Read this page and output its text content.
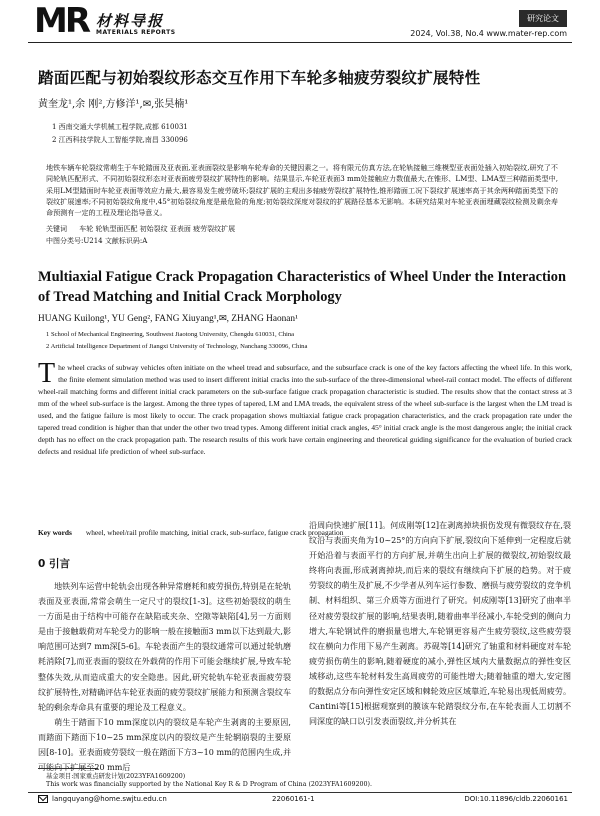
MR 材料导报
MATERIALS REPORTS
研究论文
2024, Vol.38, No.4 www.mater-rep.com
踏面匹配与初始裂纹形态交互作用下车轮多轴疲劳裂纹扩展特性
黄奎龙¹,余 刚²,方修洋¹,✉,张昊楠¹
1 西南交通大学机械工程学院,成都 610031
2 江西科技学院人工智能学院,南昌 330096
地铁车辆车轮裂纹常萌生于车轮踏面及亚表面,亚表面裂纹是影响车轮寿命的关键因素之一。将有限元仿真方法,在轮轨接触三维模型亚表面处插入初始裂纹,研究了不同轮轨匹配形式、不同初始裂纹形态对亚表面疲劳裂纹扩展特性的影响。结果显示,车轮亚表面3 mm处接触应力数值最大,在锥形、LM型、LMA型三种踏面类型中,采用LM型踏面时车轮亚表面等效应力最大,最容易发生疲劳破坏;裂纹扩展的主观出多轴疲劳裂纹扩展特性,锥形踏面工况下裂纹扩展速率高于其余两种踏面类型下的裂纹扩展速率;不同初始裂纹角度中,45°初始裂纹角度是最危险的角度;初始裂纹深度对裂纹的扩展路径基本无影响。本研究结果对车轮亚表面埋藏裂纹检测及剩余寿命预测有一定的工程及理论指导意义。
关键词 车轮 轮轨型面匹配 初始裂纹 亚表面 疲劳裂纹扩展
中图分类号:U214 文献标识码:A
Multiaxial Fatigue Crack Propagation Characteristics of Wheel Under the Interaction of Tread Matching and Initial Crack Morphology
HUANG Kuilong¹, YU Geng², FANG Xiuyang¹,✉, ZHANG Haonan¹
1 School of Mechanical Engineering, Southwest Jiaotong University, Chengdu 610031, China
2 Artificial Intelligence Department of Jiangxi University of Technology, Nanchang 330096, China
The wheel cracks of subway vehicles often initiate on the wheel tread and subsurface, and the subsurface crack is one of the key factors affecting the wheel life. In this work, the finite element simulation method was used to insert different initial cracks into the sub-surface of the three-dimensional wheel-rail contact model. The effects of different wheel-rail matching forms and different initial crack parameters on the sub-surface fatigue crack propagation characteristic is studied. The results show that the contact stress at 3 mm of the wheel sub-surface is the largest. Among the three types of tapered, LM and LMA treads, the equivalent stress of the wheel sub-surface is the largest when the LM tread is used, and the fatigue failure is most likely to occur. The crack propagation shows multiaxial fatigue crack propagation characteristics, and the crack propagation rate under the tapered tread condition is higher than that under the other two tread types. Among different initial crack angles, 45° initial crack angle is the most dangerous angle; the initial crack depth has no effect on the crack propagation path. The research results of this work have certain engineering and theoretical guiding significance for the evaluation of buried crack defects and residual life prediction of wheel sub-surface.
Key words wheel, wheel/rail profile matching, initial crack, sub-surface, fatigue crack propagation
0 引言

地铁列车运营中轮轨会出现各种异常磨耗和疲劳损伤,特别是在轮轨表面及亚表面,常常会萌生一定尺寸的裂纹[1-3]。这些初始裂纹的萌生一方面是由于结构中可能存在缺陷或夹杂、空隙等缺陷[4],另一方面则是由于接触载荷对车轮受力的影响一般在接触面3 mm以下达到最大,影响范围可达到7 mm深[5-6]。车轮表面产生的裂纹通常可以通过轮轨磨耗消除[7],而亚表面的裂纹在外载荷的作用下可能会继续扩展,导致车轮整体失效,从而造成重大的安全隐患。因此,研究轮轨车轮亚表面疲劳裂纹扩展特性,对精确评估车轮亚表面的疲劳裂纹扩展能力和预测含裂纹车轮的剩余寿命具有重要的理论及工程意义。

萌生于踏面下10 mm深度以内的裂纹是车轮产生剥离的主要原因,而踏面下踏面下10~25 mm深度以内的裂纹是产生轮辋崩裂的主要原因[8-10]。亚表面疲劳裂纹一般在踏面下方3~10 mm的范围内生成,并可能向下扩展至20 mm后

沿周向快速扩展[11]。何成刚等[12]在剥离掉块损伤发现有微裂纹存在,裂纹沿与表面夹角为10~25°的方向向下扩展,裂纹向下延伸到一定程度后就开始沿着与表面平行的方向扩展,并萌生出向上扩展的微裂纹,初始裂纹最终将向表面,形成剥离掉块,而后来的裂纹有继续向下扩展的趋势。对于疲劳裂纹的萌生及扩展,不少学者从列车运行参数、磨损与疲劳裂纹的竞争机制、材料组织、第三介质等方面进行了研究。何成刚等[13]研究了曲率半径对疲劳裂纹扩展的影响,结果表明,随着曲率半径减小,车轮受到的侧向力增大,车轮钢试件的磨损量也增大,车轮钢更容易产生疲劳裂纹,这些疲劳裂纹在横向力作用下易产生剥离。苏砚等[14]研究了轴重和材料硬度对车轮疲劳损伤萌生的影响,随着硬度的减小,弹性区域内大量数据点的弹性变区域移动,这些车轮材料发生高周疲劳的可能性增大;随着轴重的增大,安定图的数据点分布向弹性安定区域和棘轮效应区域靠近,车轮易出现低周疲劳。Cantini等[15]根据观察到的膜该车轮踏裂纹分布,在车轮表面人工切割不同深度的缺口以引发表面裂纹,并分析其在

基金项目:国家重点研发计划(2023YFA1609200)
This work was financially supported by the National Key R & D Program of China (2023YFA1609200).
langquyang@home.swjtu.edu.cn	22060161-1	DOI:10.11896/cldb.22060161
